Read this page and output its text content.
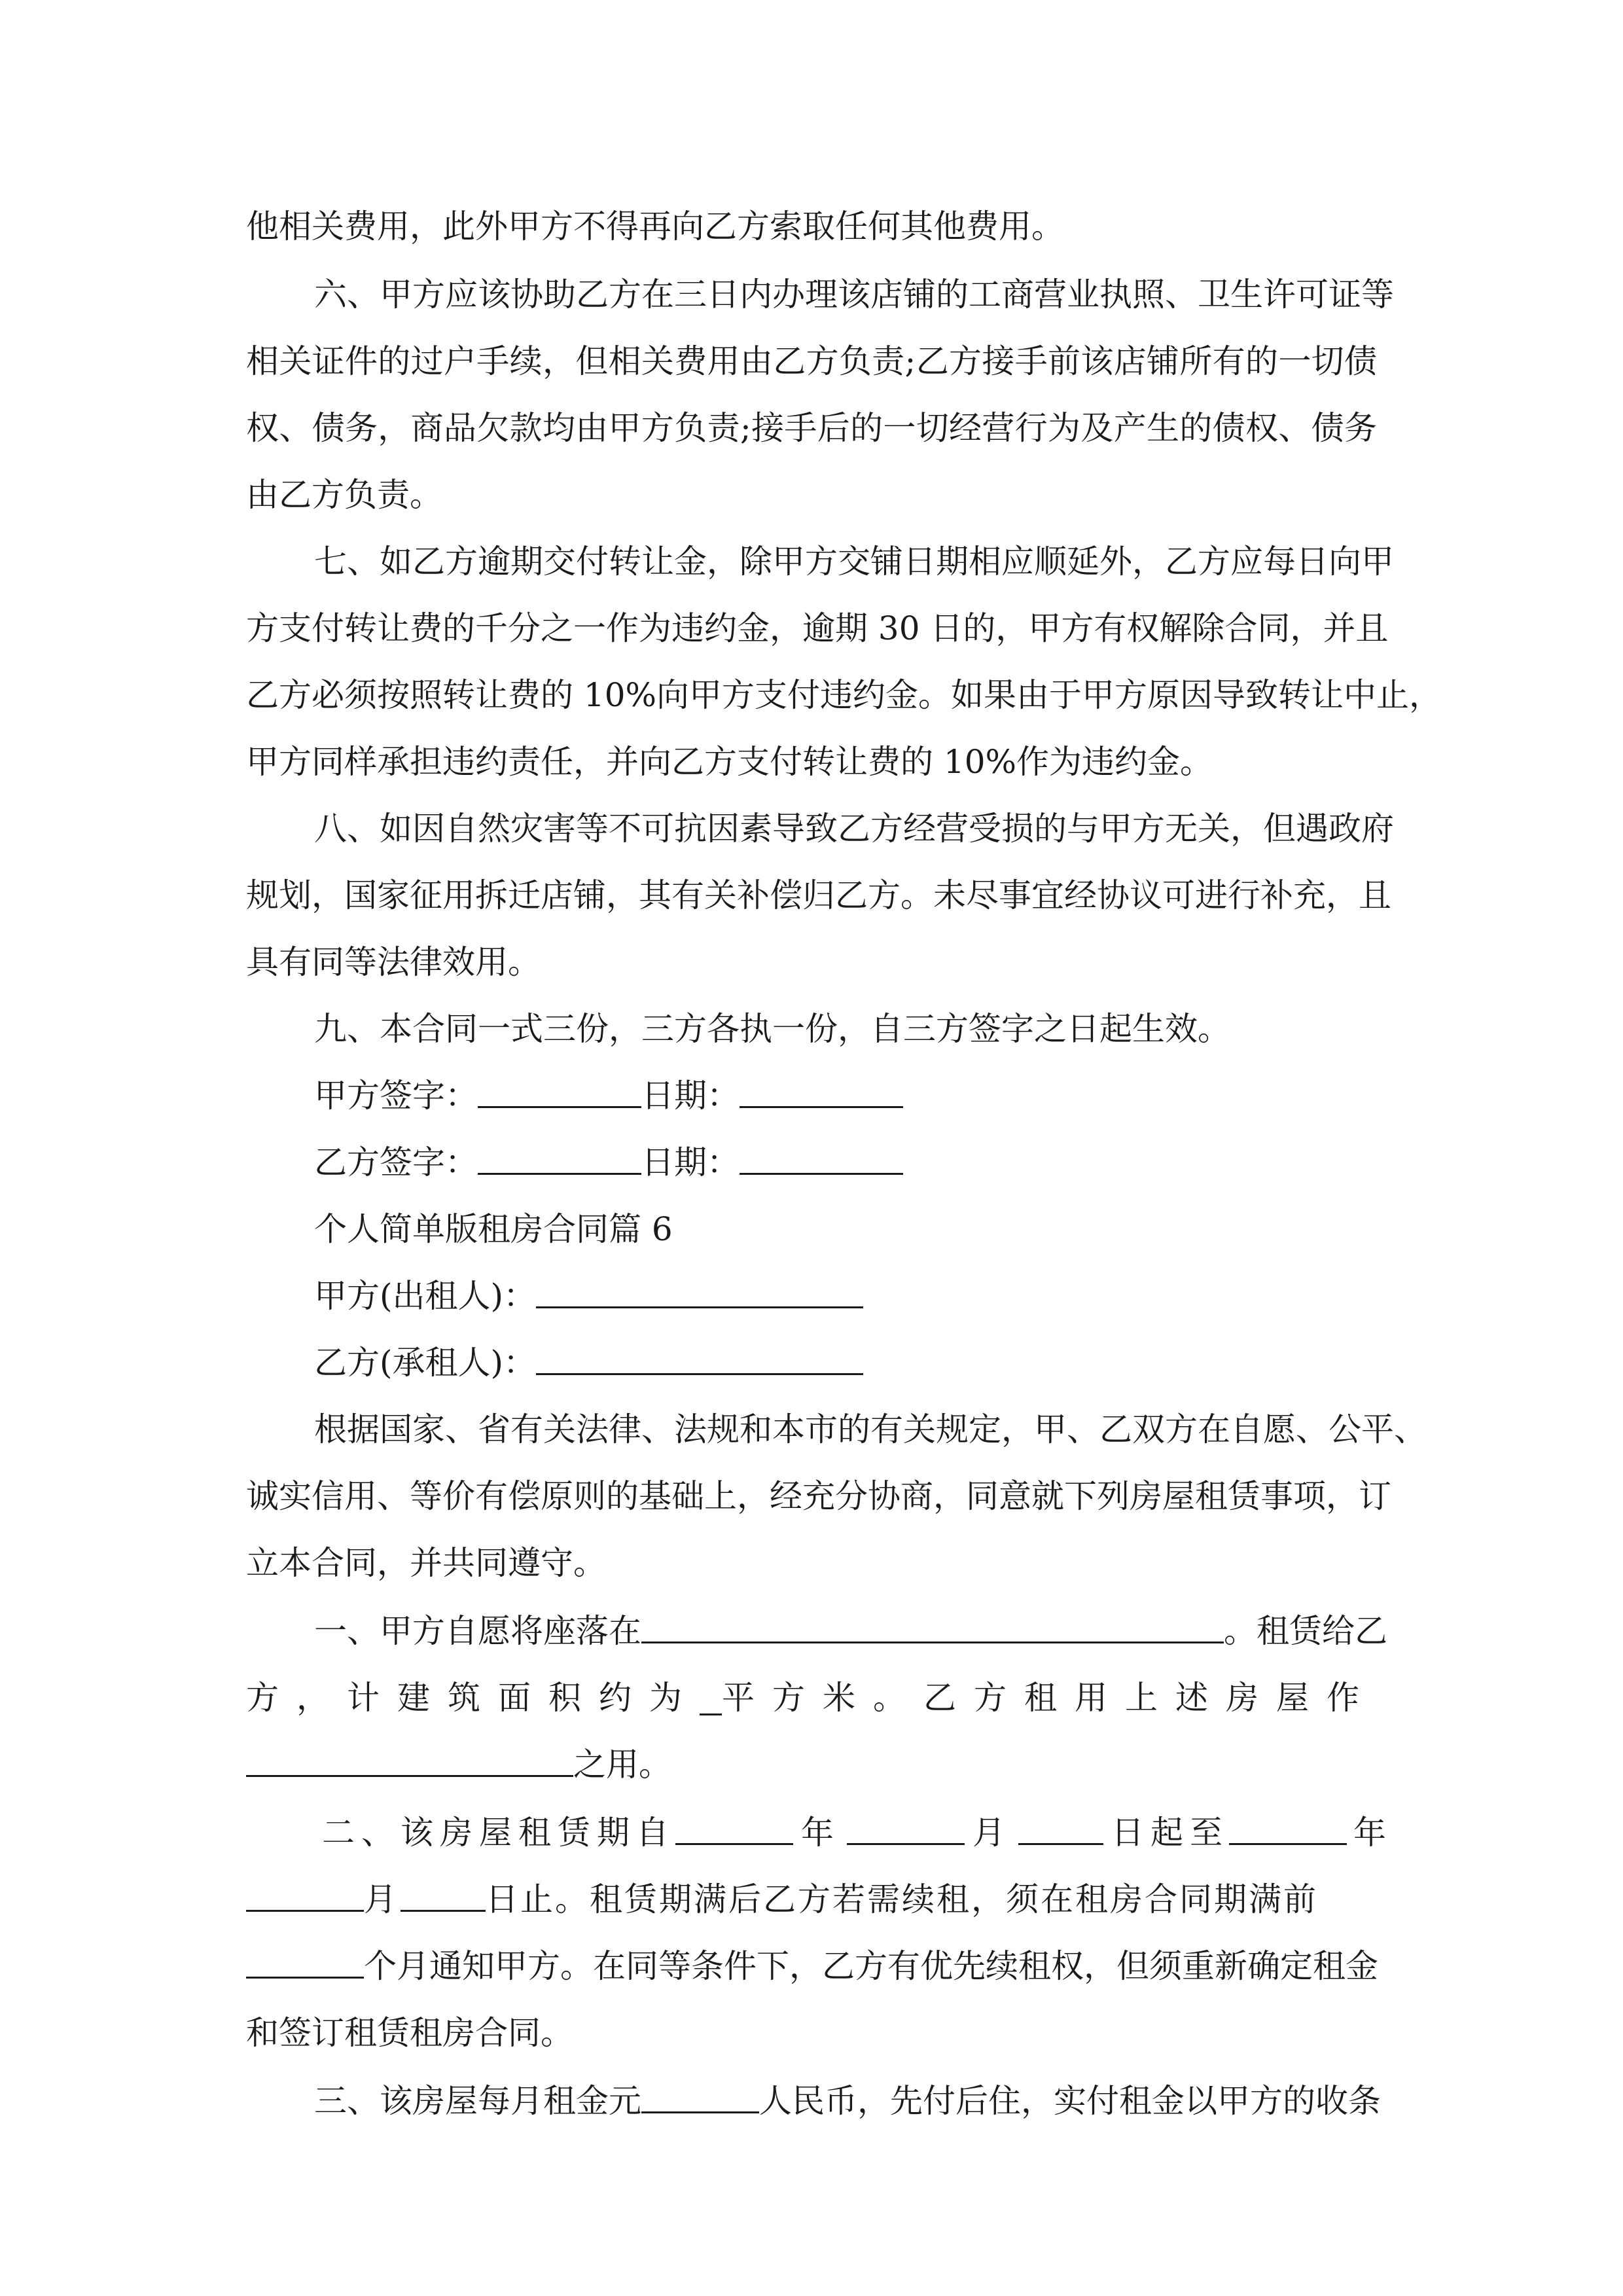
他相关费用，此外甲方不得再向乙方索取任何其他费用。
六、甲方应该协助乙方在三日内办理该店铺的工商营业执照、卫生许可证等
相关证件的过户手续，但相关费用由乙方负责;乙方接手前该店铺所有的一切债
权、债务，商品欠款均由甲方负责;接手后的一切经营行为及产生的债权、债务
由乙方负责。
七、如乙方逾期交付转让金，除甲方交铺日期相应顺延外，乙方应每日向甲
方支付转让费的千分之一作为违约金，逾期 30 日的，甲方有权解除合同，并且
乙方必须按照转让费的 10%向甲方支付违约金。如果由于甲方原因导致转让中止，
甲方同样承担违约责任，并向乙方支付转让费的 10%作为违约金。
八、如因自然灾害等不可抗因素导致乙方经营受损的与甲方无关，但遇政府
规划，国家征用拆迁店铺，其有关补偿归乙方。未尽事宜经协议可进行补充，且
具有同等法律效用。
九、本合同一式三份，三方各执一份，自三方签字之日起生效。
甲方签字：	日期：
乙方签字：	日期：
个人简单版租房合同篇 6
甲方(出租人)：
乙方(承租人)：
根据国家、省有关法律、法规和本市的有关规定，甲、乙双方在自愿、公平、
诚实信用、等价有偿原则的基础上，经充分协商，同意就下列房屋租赁事项，订
立本合同，并共同遵守。
一、甲方自愿将座落在	。租赁给乙
方，计建筑面积约为 平方米。乙方租用上述房屋作
之用。
二、该房屋租赁期自	年	月	日起至	年
月	日止。租赁期满后乙方若需续租，须在租房合同期满前
个月通知甲方。在同等条件下，乙方有优先续租权，但须重新确定租金
和签订租赁租房合同。
三、该房屋每月租金元	人民币，先付后住，实付租金以甲方的收条
